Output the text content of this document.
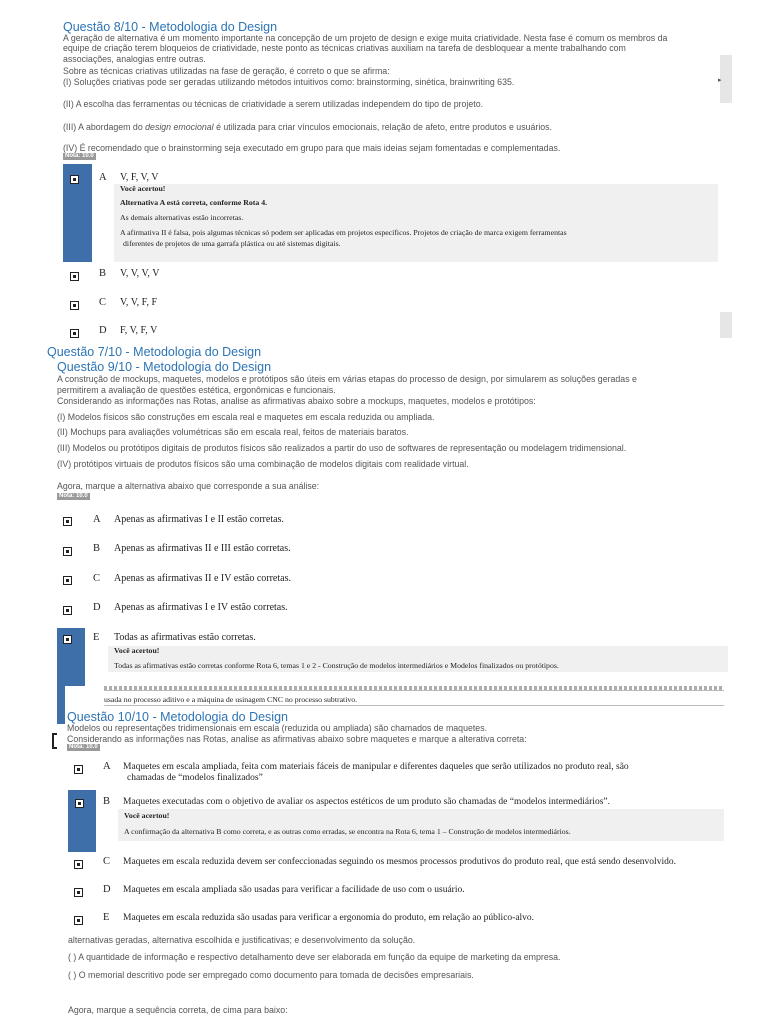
Questão 8/10 - Metodologia do Design
A geração de alternativa é um momento importante na concepção de um projeto de design e exige muita criatividade. Nesta fase é comum os membros da
equipe de criação terem bloqueios de criatividade, neste ponto as técnicas criativas auxiliam na tarefa de desbloquear a mente trabalhando com
associações, analogias entre outras.
Sobre as técnicas criativas utilizadas na fase de geração, é correto o que se afirma:
(I) Soluções criativas pode ser geradas utilizando métodos intuitivos como: brainstorming, sinética, brainwriting 635.	▸
(II) A escolha das ferramentas ou técnicas de criatividade a serem utilizadas independem do tipo de projeto.
(III) A abordagem do design emocional é utilizada para criar vínculos emocionais, relação de afeto, entre produtos e usuários.
(IV) É recomendado que o brainstorming seja executado em grupo para que mais ideias sejam fomentadas e complementadas.
Nota: 10.0
A V, F, V, V
Você acertou!
Alternativa A está correta, conforme Rota 4.
As demais alternativas estão incorretas.
A afirmativa II é falsa, pois algumas técnicas só podem ser aplicadas em projetos específicos. Projetos de criação de marca exigem ferramentas
diferentes de projetos de uma garrafa plástica ou até sistemas digitais.
B V, V, V, V
C V, V, F, F
D F, V, F, V
Questão 7/10 - Metodologia do Design
Questão 9/10 - Metodologia do Design
A construção de mockups, maquetes, modelos e protótipos são úteis em várias etapas do processo de design, por simularem as soluções geradas e
permitirem a avaliação de questões estética, ergonômicas e funcionais.
Considerando as informações nas Rotas, analise as afirmativas abaixo sobre a mockups, maquetes, modelos e protótipos:
(I) Modelos físicos são construções em escala real e maquetes em escala reduzida ou ampliada.
(II) Mochups para avaliações volumétricas são em escala real, feitos de materiais baratos.
(III) Modelos ou protótipos digitais de produtos físicos são realizados a partir do uso de softwares de representação ou modelagem tridimensional.
(IV) protótipos virtuais de produtos físicos são uma combinação de modelos digitais com realidade virtual.
Agora, marque a alternativa abaixo que corresponde a sua análise:
Nota: 10.0
A Apenas as afirmativas I e II estão corretas.
B Apenas as afirmativas II e III estão corretas.
C Apenas as afirmativas II e IV estão corretas.
D Apenas as afirmativas I e IV estão corretas.
E Todas as afirmativas estão corretas.
Você acertou!
Todas as afirmativas estão corretas conforme Rota 6, temas 1 e 2 - Construção de modelos intermediários e Modelos finalizados ou protótipos.
usada no processo aditivo e a máquina de usinagem CNC no processo subtrativo.
Questão 10/10 - Metodologia do Design
Modelos ou representações tridimensionais em escala (reduzida ou ampliada) são chamados de maquetes.
Considerando as informações nas Rotas, analise as afirmativas abaixo sobre maquetes e marque a alterativa correta:
Nota: 10.0
A Maquetes em escala ampliada, feita com materiais fáceis de manipular e diferentes daqueles que serão utilizados no produto real, são
chamadas de “modelos finalizados”
B Maquetes executadas com o objetivo de avaliar os aspectos estéticos de um produto são chamadas de “modelos intermediários”.
Você acertou!
A confirmação da alternativa B como correta, e as outras como erradas, se encontra na Rota 6, tema 1 – Construção de modelos intermediários.
C Maquetes em escala reduzida devem ser confeccionadas seguindo os mesmos processos produtivos do produto real, que está sendo desenvolvido.
D Maquetes em escala ampliada são usadas para verificar a facilidade de uso com o usuário.
E Maquetes em escala reduzida são usadas para verificar a ergonomia do produto, em relação ao público-alvo.
alternativas geradas, alternativa escolhida e justificativas; e desenvolvimento da solução.
( ) A quantidade de informação e respectivo detalhamento deve ser elaborada em função da equipe de marketing da empresa.
( ) O memorial descritivo pode ser empregado como documento para tomada de decisões empresariais.
Agora, marque a sequência correta, de cima para baixo:
